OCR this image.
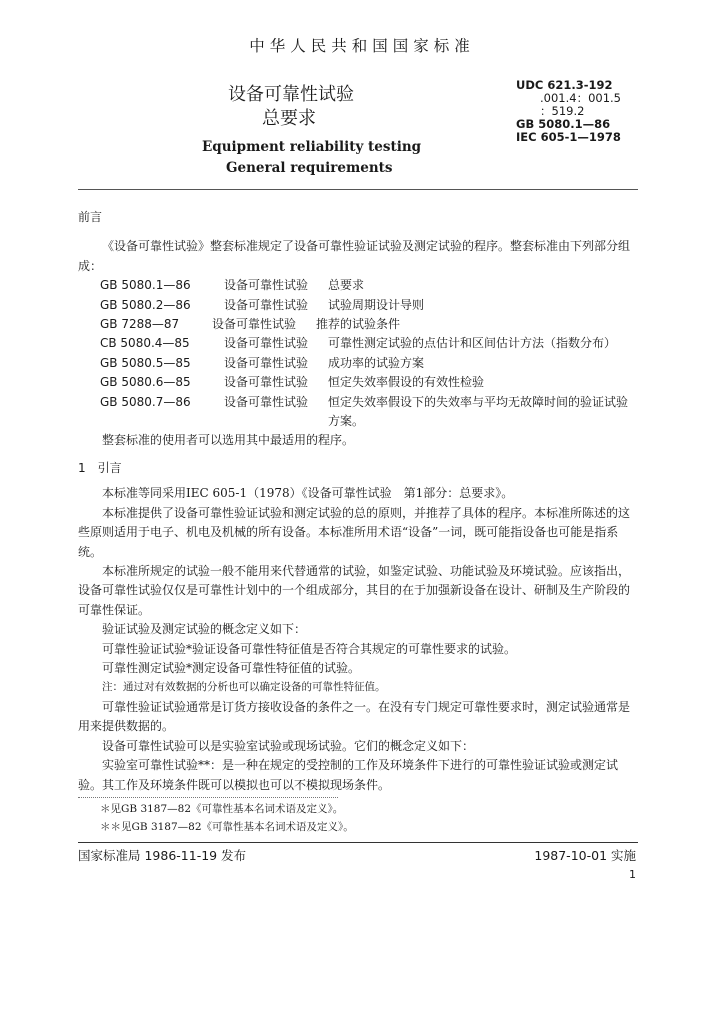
中华人民共和国国家标准
设备可靠性试验
总要求
Equipment reliability testing
General requirements
UDC 621.3-192
.001.4：001.5
：519.2
GB 5080.1—86
IEC 605-1—1978

前言

《设备可靠性试验》整套标准规定了设备可靠性验证试验及测定试验的程序。整套标准由下列部分组成：

GB 5080.1—86	设备可靠性试验	总要求
GB 5080.2—86	设备可靠性试验	试验周期设计导则
GB 7288—87	设备可靠性试验	推荐的试验条件
CB 5080.4—85	设备可靠性试验	可靠性测定试验的点估计和区间估计方法（指数分布）
GB 5080.5—85	设备可靠性试验	成功率的试验方案
GB 5080.6—85	设备可靠性试验	恒定失效率假设的有效性检验
GB 5080.7—86	设备可靠性试验	恒定失效率假设下的失效率与平均无故障时间的验证试验方案。

整套标准的使用者可以选用其中最适用的程序。

1　引言

本标准等同采用IEC 605-1（1978）《设备可靠性试验　第1部分：总要求》。

本标准提供了设备可靠性验证试验和测定试验的总的原则，并推荐了具体的程序。本标准所陈述的这些原则适用于电子、机电及机械的所有设备。本标准所用术语“设备”一词，既可能指设备也可能是指系统。

本标准所规定的试验一般不能用来代替通常的试验，如鉴定试验、功能试验及环境试验。应该指出，设备可靠性试验仅仅是可靠性计划中的一个组成部分，其目的在于加强新设备在设计、研制及生产阶段的可靠性保证。

验证试验及测定试验的概念定义如下：

可靠性验证试验*验证设备可靠性特征值是否符合其规定的可靠性要求的试验。

可靠性测定试验*测定设备可靠性特征值的试验。

注：通过对有效数据的分析也可以确定设备的可靠性特征值。

可靠性验证试验通常是订货方接收设备的条件之一。在没有专门规定可靠性要求时，测定试验通常是用来提供数据的。

设备可靠性试验可以是实验室试验或现场试验。它们的概念定义如下：

实验室可靠性试验**：是一种在规定的受控制的工作及环境条件下进行的可靠性验证试验或测定试验。其工作及环境条件既可以模拟也可以不模拟现场条件。

＊见GB 3187—82《可靠性基本名词术语及定义》。
＊＊见GB 3187—82《可靠性基本名词术语及定义》。
国家标准局 1986-11-19 发布	1987-10-01 实施
1
